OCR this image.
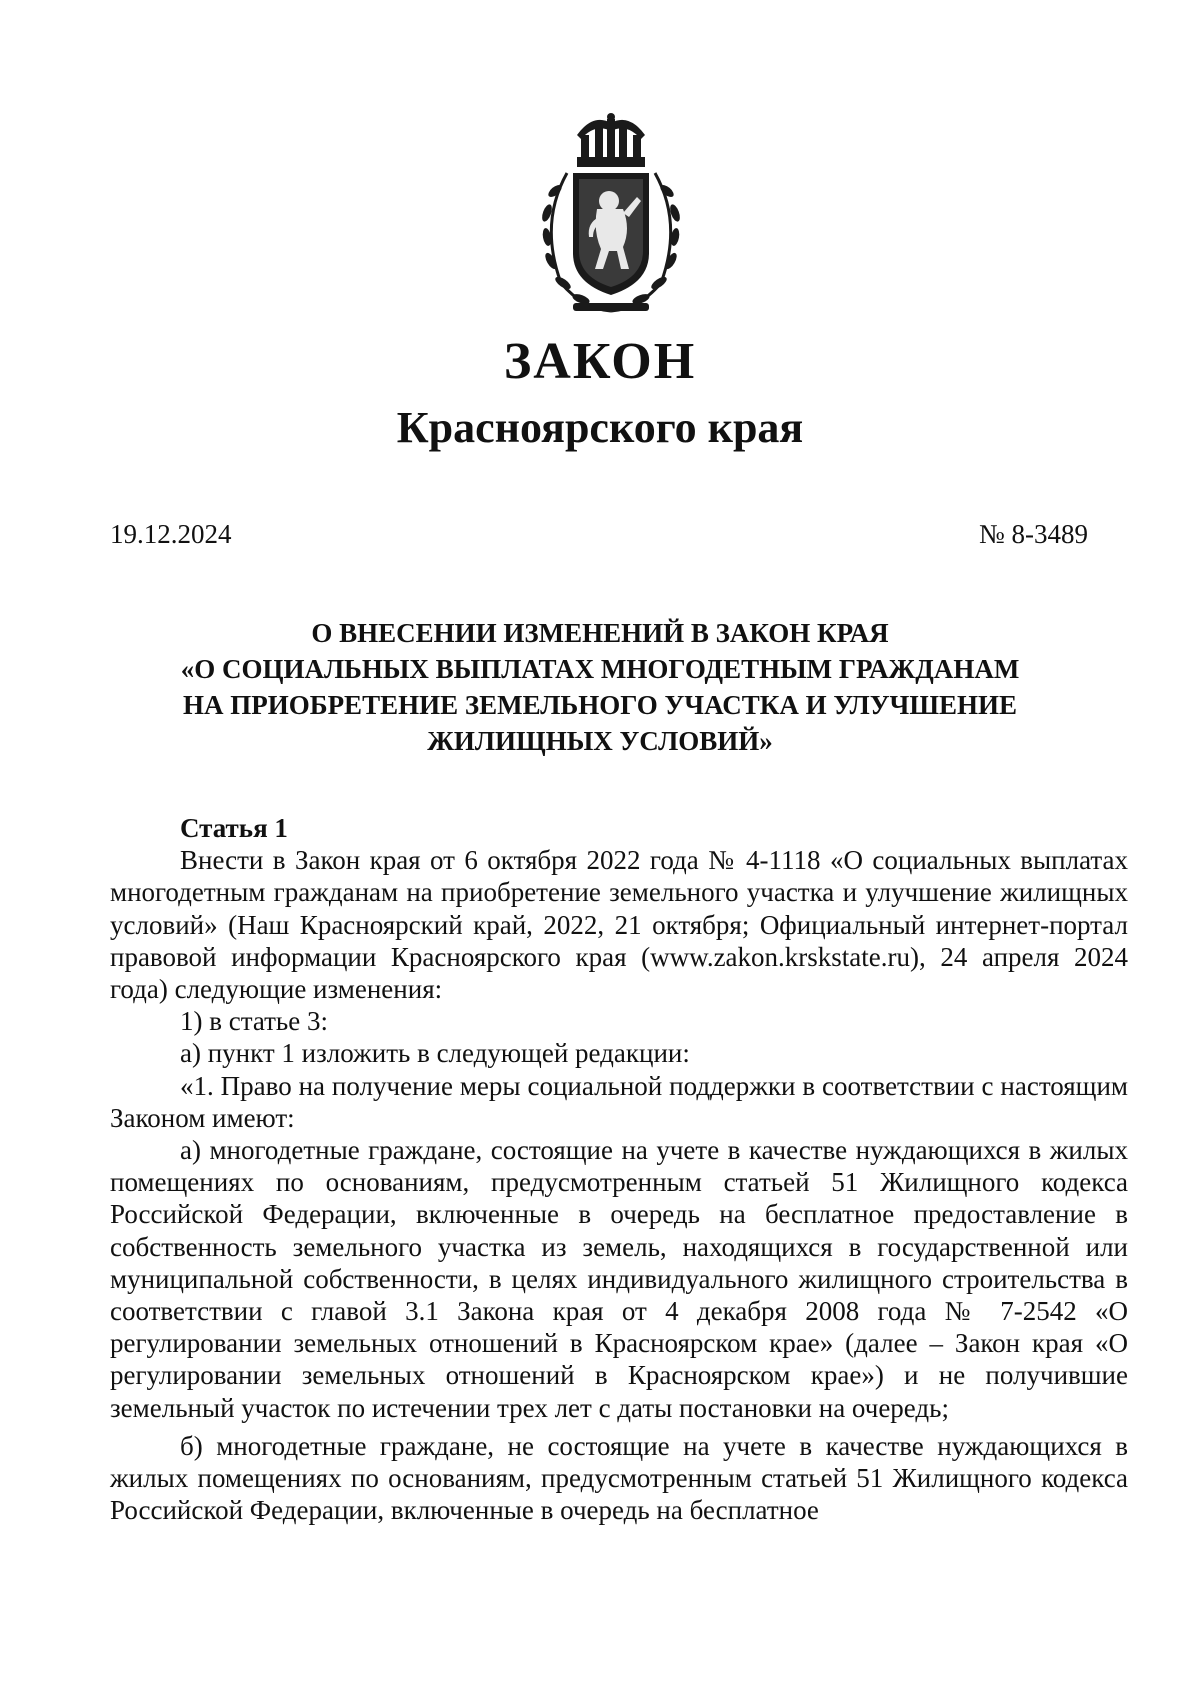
ЗАКОН
Красноярского края
19.12.2024	№ 8-3489
О ВНЕСЕНИИ ИЗМЕНЕНИЙ В ЗАКОН КРАЯ
«О СОЦИАЛЬНЫХ ВЫПЛАТАХ МНОГОДЕТНЫМ ГРАЖДАНАМ
НА ПРИОБРЕТЕНИЕ ЗЕМЕЛЬНОГО УЧАСТКА И УЛУЧШЕНИЕ
ЖИЛИЩНЫХ УСЛОВИЙ»
Статья 1

Внести в Закон края от 6 октября 2022 года № 4-1118 «О социальных выплатах многодетным гражданам на приобретение земельного участка и улучшение жилищных условий» (Наш Красноярский край, 2022, 21 октября; Официальный интернет-портал правовой информации Красноярского края (www.zakon.krskstate.ru), 24 апреля 2024 года) следующие изменения:

1) в статье 3:

а) пункт 1 изложить в следующей редакции:

«1. Право на получение меры социальной поддержки в соответствии с настоящим Законом имеют:

а) многодетные граждане, состоящие на учете в качестве нуждающихся в жилых помещениях по основаниям, предусмотренным статьей 51 Жилищного кодекса Российской Федерации, включенные в очередь на бесплатное предоставление в собственность земельного участка из земель, находящихся в государственной или муниципальной собственности, в целях индивидуального жилищного строительства в соответствии с главой 3.1 Закона края от 4 декабря 2008 года № 7-2542 «О регулировании земельных отношений в Красноярском крае» (далее – Закон края «О регулировании земельных отношений в Красноярском крае») и не получившие земельный участок по истечении трех лет с даты постановки на очередь;

б) многодетные граждане, не состоящие на учете в качестве нуждающихся в жилых помещениях по основаниям, предусмотренным статьей 51 Жилищного кодекса Российской Федерации, включенные в очередь на бесплатное
